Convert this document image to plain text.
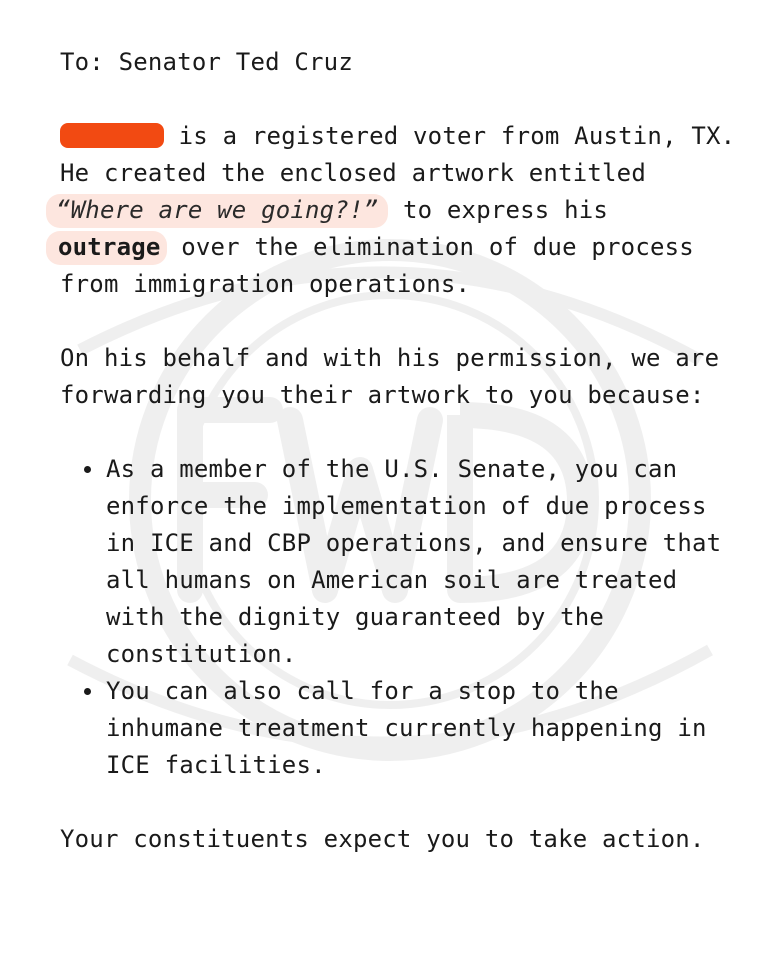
To: Senator Ted Cruz

is a registered voter from Austin, TX. He created the enclosed artwork entitled “Where are we going?!” to express his
outrage over the elimination of due process from immigration operations.

On his behalf and with his permission, we are forwarding you their artwork to you because:

As a member of the U.S. Senate, you can enforce the implementation of due process in ICE and CBP operations, and ensure that all humans on American soil are treated with the dignity guaranteed by the constitution.
You can also call for a stop to the inhumane treatment currently happening in ICE facilities.

Your constituents expect you to take action.
